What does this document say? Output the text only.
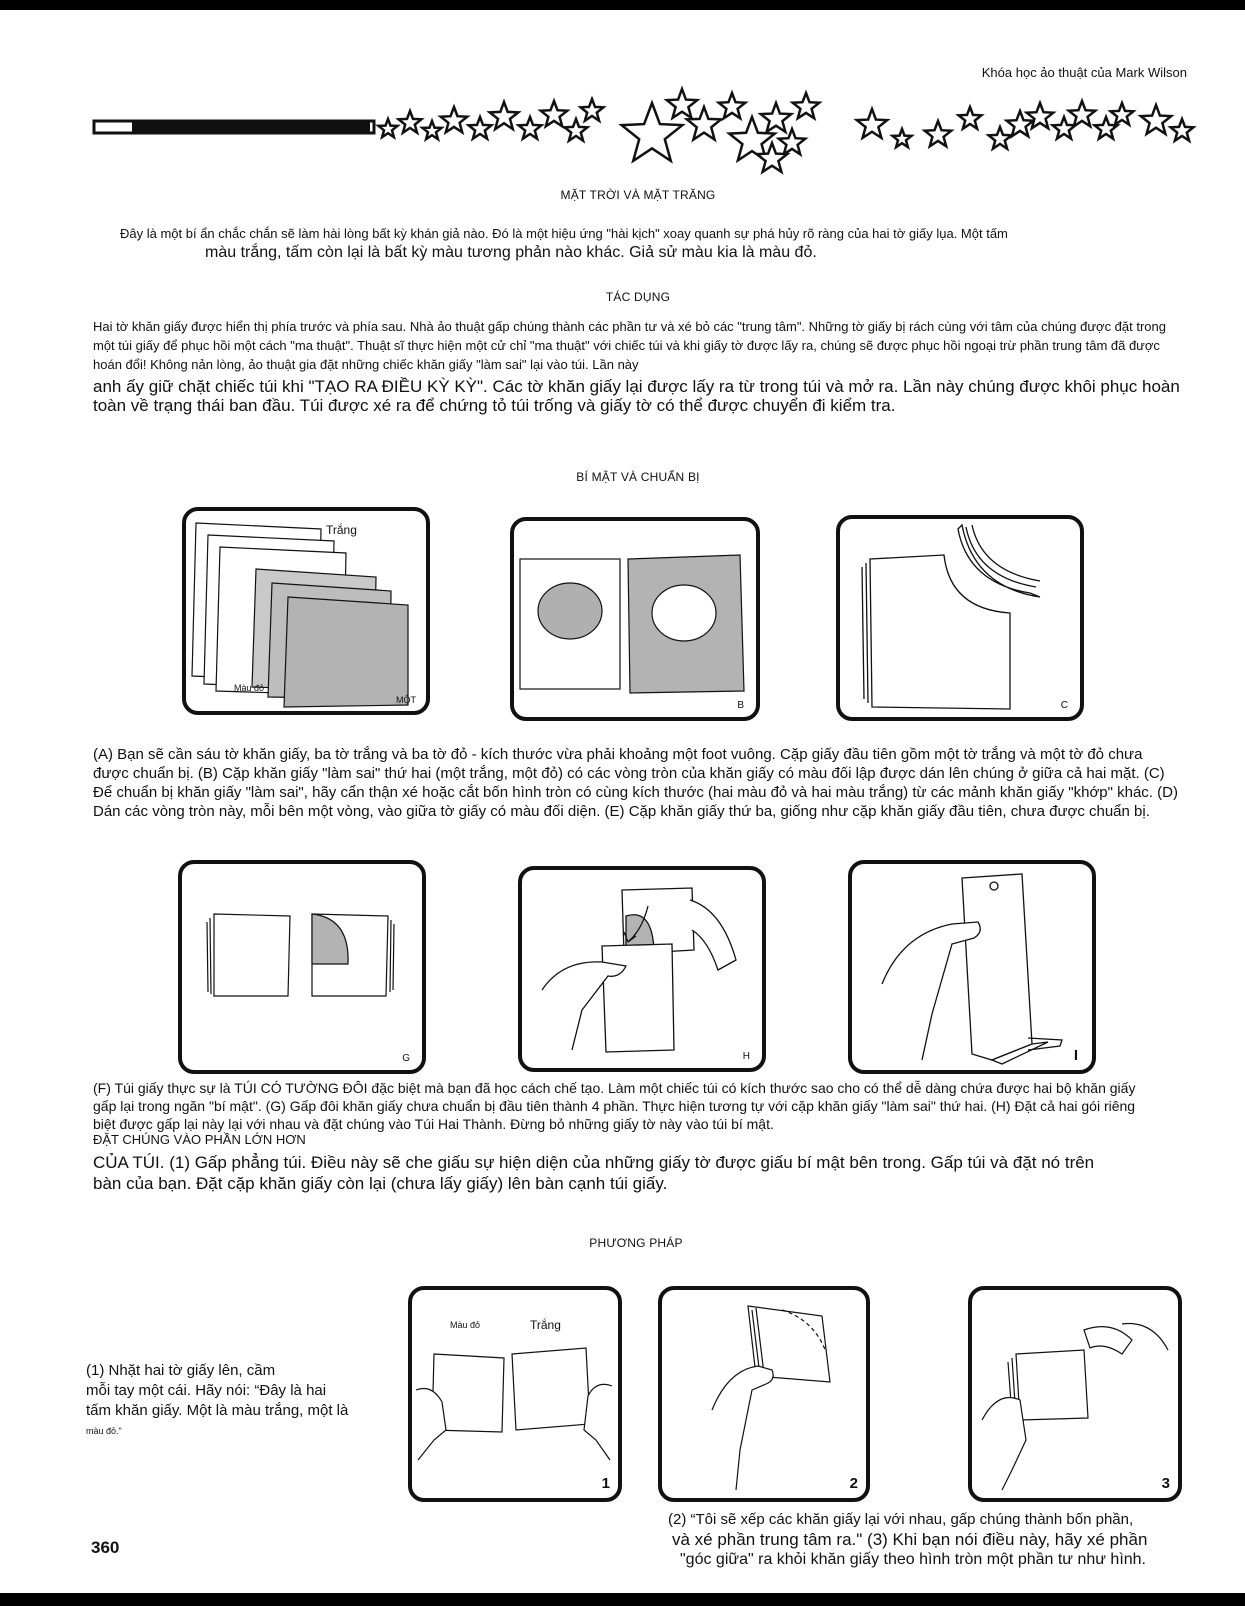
Khóa học ảo thuật của Mark Wilson
MẶT TRỜI VÀ MẶT TRĂNG
Đây là một bí ẩn chắc chắn sẽ làm hài lòng bất kỳ khán giả nào. Đó là một hiệu ứng "hài kịch" xoay quanh sự phá hủy rõ ràng của hai tờ giấy lụa. Một tấm
màu trắng, tấm còn lại là bất kỳ màu tương phản nào khác. Giả sử màu kia là màu đỏ.
TÁC DỤNG
Hai tờ khăn giấy được hiển thị phía trước và phía sau. Nhà ảo thuật gấp chúng thành các phần tư và xé bỏ các "trung tâm". Những tờ giấy bị rách cùng với tâm của chúng được đặt trong một túi giấy để phục hồi một cách "ma thuật". Thuật sĩ thực hiện một cử chỉ "ma thuật" với chiếc túi và khi giấy tờ được lấy ra, chúng sẽ được phục hồi ngoại trừ phần trung tâm đã được hoán đổi! Không nản lòng, ảo thuật gia đặt những chiếc khăn giấy "làm sai" lại vào túi. Lần này
anh ấy giữ chặt chiếc túi khi "TẠO RA ĐIỀU KỲ KỲ". Các tờ khăn giấy lại được lấy ra từ trong túi và mở ra. Lần này chúng được khôi phục hoàn toàn về trạng thái ban đầu. Túi được xé ra để chứng tỏ túi trống và giấy tờ có thể được chuyển đi kiểm tra.
BÍ MẬT VÀ CHUẨN BỊ
Trắng
Màu đỏ
MỘT	B	C
(A) Bạn sẽ cần sáu tờ khăn giấy, ba tờ trắng và ba tờ đỏ - kích thước vừa phải khoảng một foot vuông. Cặp giấy đầu tiên gồm một tờ trắng và một tờ đỏ chưa được chuẩn bị. (B) Cặp khăn giấy "làm sai" thứ hai (một trắng, một đỏ) có các vòng tròn của khăn giấy có màu đối lập được dán lên chúng ở giữa cả hai mặt. (C) Để chuẩn bị khăn giấy "làm sai", hãy cẩn thận xé hoặc cắt bốn hình tròn có cùng kích thước (hai màu đỏ và hai màu trắng) từ các mảnh khăn giấy "khớp" khác. (D) Dán các vòng tròn này, mỗi bên một vòng, vào giữa tờ giấy có màu đối diện. (E) Cặp khăn giấy thứ ba, giống như cặp khăn giấy đầu tiên, chưa được chuẩn bị.
G	H	I
(F) Túi giấy thực sự là TÚI CÓ TƯỜNG ĐÔI đặc biệt mà bạn đã học cách chế tạo. Làm một chiếc túi có kích thước sao cho có thể dễ dàng chứa được hai bộ khăn giấy gấp lại trong ngăn "bí mật". (G) Gấp đôi khăn giấy chưa chuẩn bị đầu tiên thành 4 phần. Thực hiện tương tự với cặp khăn giấy "làm sai" thứ hai. (H) Đặt cả hai gói riêng biệt được gấp lại này lại với nhau và đặt chúng vào Túi Hai Thành. Đừng bỏ những giấy tờ này vào túi bí mật.
ĐẶT CHÚNG VÀO PHẦN LỚN HƠN
CỦA TÚI. (1) Gấp phẳng túi. Điều này sẽ che giấu sự hiện diện của những giấy tờ được giấu bí mật bên trong. Gấp túi và đặt nó trên bàn của bạn. Đặt cặp khăn giấy còn lại (chưa lấy giấy) lên bàn cạnh túi giấy.
PHƯƠNG PHÁP
(1) Nhặt hai tờ giấy lên, cầm
mỗi tay một cái. Hãy nói: “Đây là hai
tấm khăn giấy. Một là màu trắng, một là
màu đỏ."
Màu đỏ	Trắng
1	2	3
(2) “Tôi sẽ xếp các khăn giấy lại với nhau, gấp chúng thành bốn phần,
và xé phần trung tâm ra." (3) Khi bạn nói điều này, hãy xé phần
"góc giữa" ra khỏi khăn giấy theo hình tròn một phần tư như hình.
360
